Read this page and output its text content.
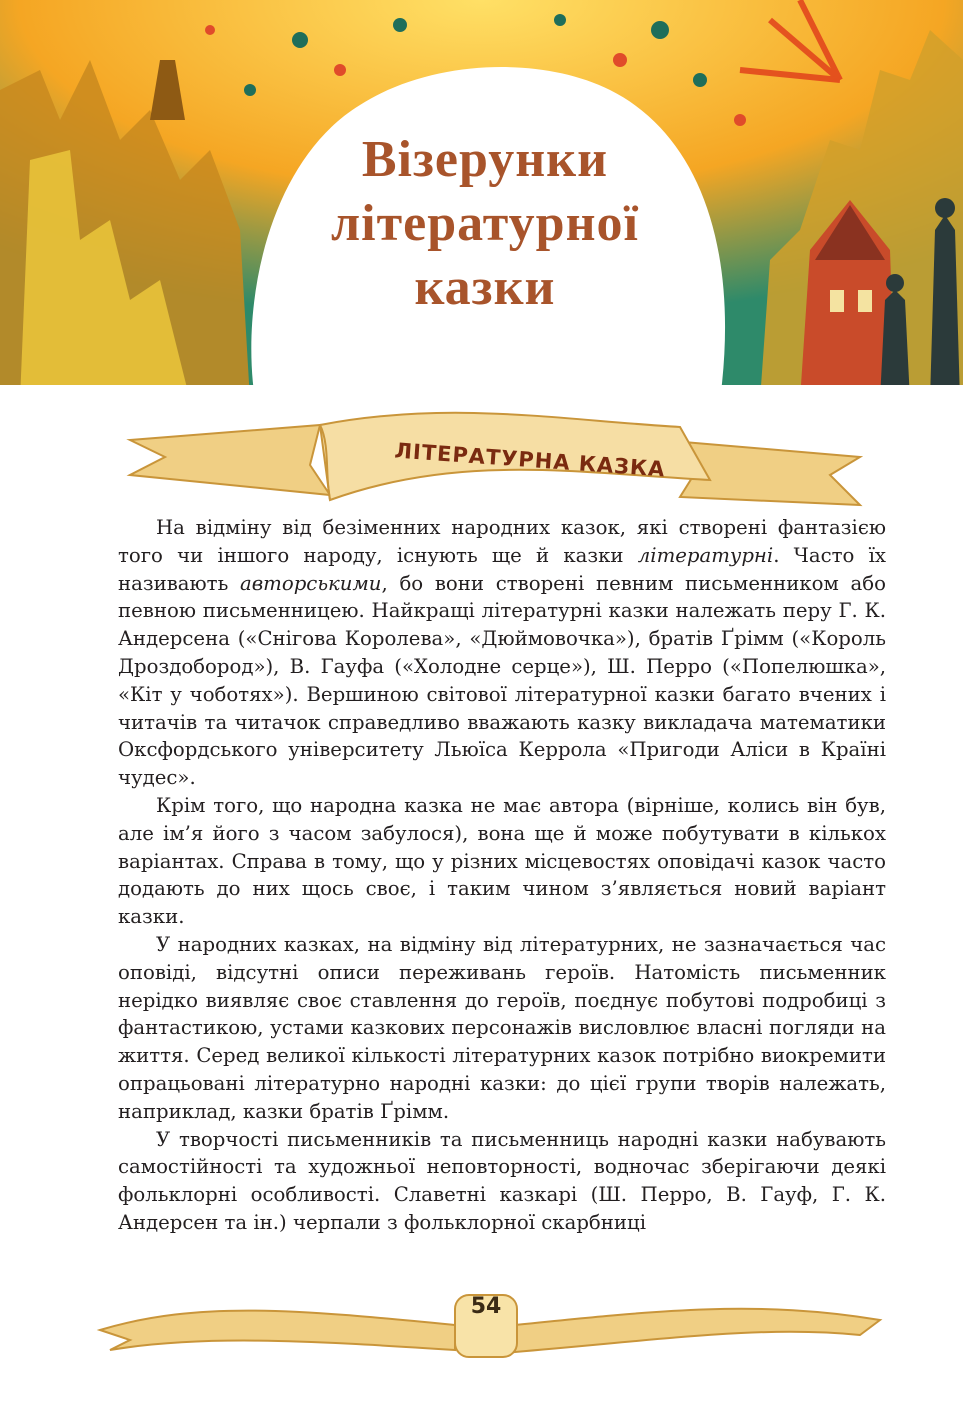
Візерунки
літературної
казки
ЛІТЕРАТУРНА КАЗКА

На відміну від безіменних народних казок, які створені фантазією того чи іншого народу, існують ще й казки літературні. Часто їх називають авторськими, бо вони створені певним письменником або певною письменницею. Найкращі літературні казки належать перу Г. К. Андерсена («Снігова Королева», «Дюймовочка»), братів Ґрімм («Король Дроздобород»), В. Гауфа («Холодне серце»), Ш. Перро («Попелюшка», «Кіт у чоботях»). Вершиною світової літературної казки багато вчених і читачів та читачок справедливо вважають казку викладача математики Оксфордського університету Льюїса Керрола «Пригоди Аліси в Країні чудес».

Крім того, що народна казка не має автора (вірніше, колись він був, але ім’я його з часом забулося), вона ще й може побутувати в кількох варіантах. Справа в тому, що у різних місцевостях оповідачі казок часто додають до них щось своє, і таким чином з’являється новий варіант казки.

У народних казках, на відміну від літературних, не зазначається час оповіді, відсутні описи переживань героїв. Натомість письменник нерідко виявляє своє ставлення до героїв, поєднує побутові подробиці з фантастикою, устами казкових персонажів висловлює власні погляди на життя. Серед великої кількості літературних казок потрібно виокремити опрацьовані літературно народні казки: до цієї групи творів належать, наприклад, казки братів Ґрімм.

У творчості письменників та письменниць народні казки набувають самостійності та художньої неповторності, водночас зберігаючи деякі фольклорні особливості. Славетні казкарі (Ш. Перро, В. Гауф, Г. К. Андерсен та ін.) черпали з фольклорної скарбниці

54
